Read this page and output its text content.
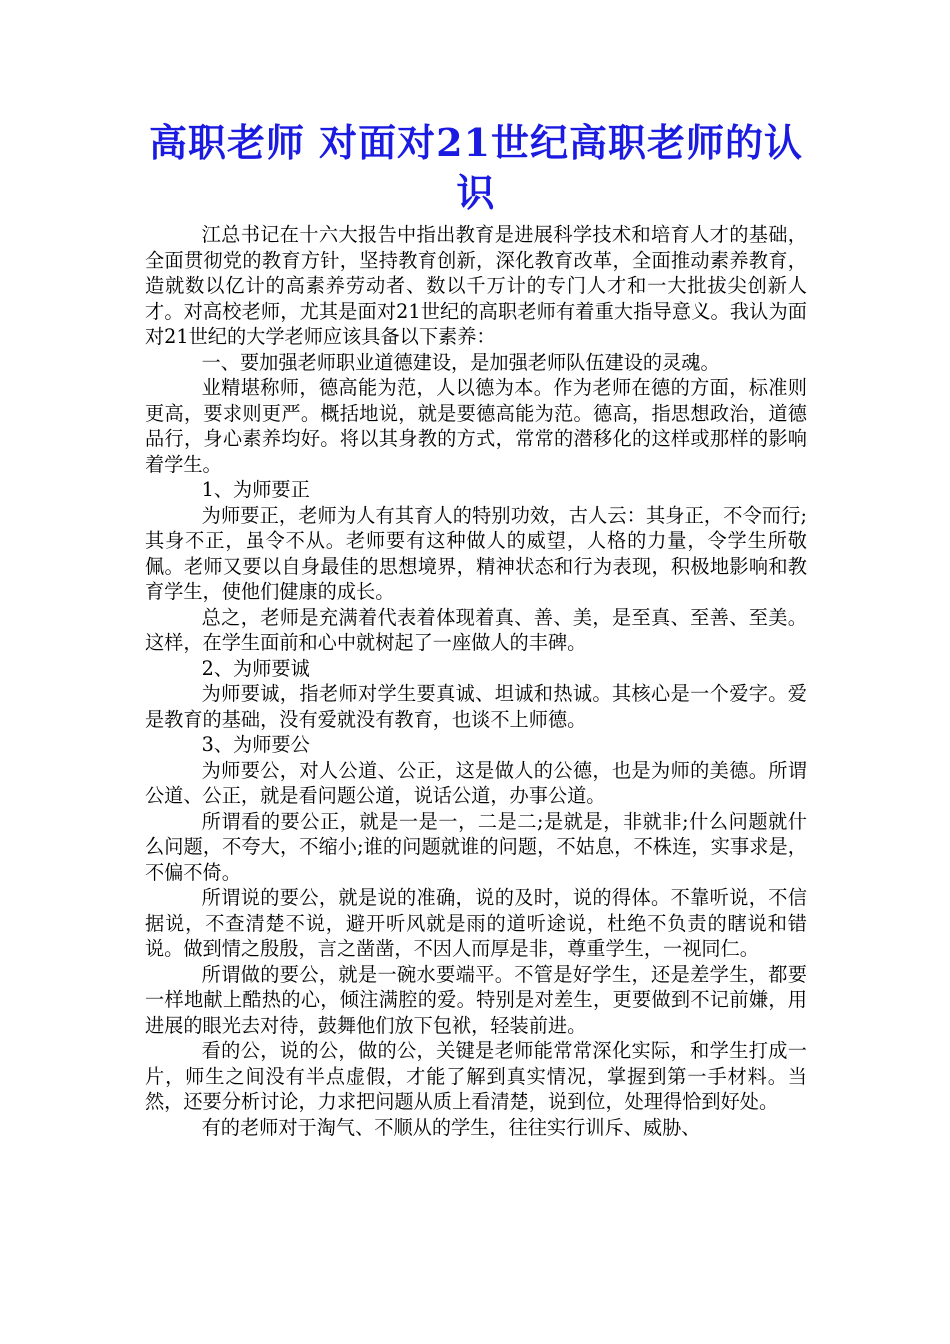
高职老师 对面对21世纪高职老师的认识

江总书记在十六大报告中指出教育是进展科学技术和培育人才的基础，全面贯彻党的教育方针，坚持教育创新，深化教育改革，全面推动素养教育，造就数以亿计的高素养劳动者、数以千万计的专门人才和一大批拔尖创新人才。对高校老师，尤其是面对21世纪的高职老师有着重大指导意义。我认为面对21世纪的大学老师应该具备以下素养：

一、要加强老师职业道德建设，是加强老师队伍建设的灵魂。

业精堪称师，德高能为范，人以德为本。作为老师在德的方面，标准则更高，要求则更严。概括地说，就是要德高能为范。德高，指思想政治，道德品行，身心素养均好。将以其身教的方式，常常的潜移化的这样或那样的影响着学生。

1、为师要正

为师要正，老师为人有其育人的特别功效，古人云：其身正，不令而行;其身不正，虽令不从。老师要有这种做人的威望，人格的力量，令学生所敬佩。老师又要以自身最佳的思想境界，精神状态和行为表现，积极地影响和教育学生，使他们健康的成长。

总之，老师是充满着代表着体现着真、善、美，是至真、至善、至美。这样，在学生面前和心中就树起了一座做人的丰碑。

2、为师要诚

为师要诚，指老师对学生要真诚、坦诚和热诚。其核心是一个爱字。爱是教育的基础，没有爱就没有教育，也谈不上师德。

3、为师要公

为师要公，对人公道、公正，这是做人的公德，也是为师的美德。所谓公道、公正，就是看问题公道，说话公道，办事公道。

所谓看的要公正，就是一是一，二是二;是就是，非就非;什么问题就什么问题，不夸大，不缩小;谁的问题就谁的问题，不姑息，不株连，实事求是，不偏不倚。

所谓说的要公，就是说的准确，说的及时，说的得体。不靠听说，不信据说，不查清楚不说，避开听风就是雨的道听途说，杜绝不负责的瞎说和错说。做到情之殷殷，言之凿凿，不因人而厚是非，尊重学生，一视同仁。

所谓做的要公，就是一碗水要端平。不管是好学生，还是差学生，都要一样地献上酷热的心，倾注满腔的爱。特别是对差生，更要做到不记前嫌，用进展的眼光去对待，鼓舞他们放下包袱，轻装前进。

看的公，说的公，做的公，关键是老师能常常深化实际，和学生打成一片，师生之间没有半点虚假，才能了解到真实情况，掌握到第一手材料。当然，还要分析讨论，力求把问题从质上看清楚，说到位，处理得恰到好处。

有的老师对于淘气、不顺从的学生，往往实行训斥、威胁、
